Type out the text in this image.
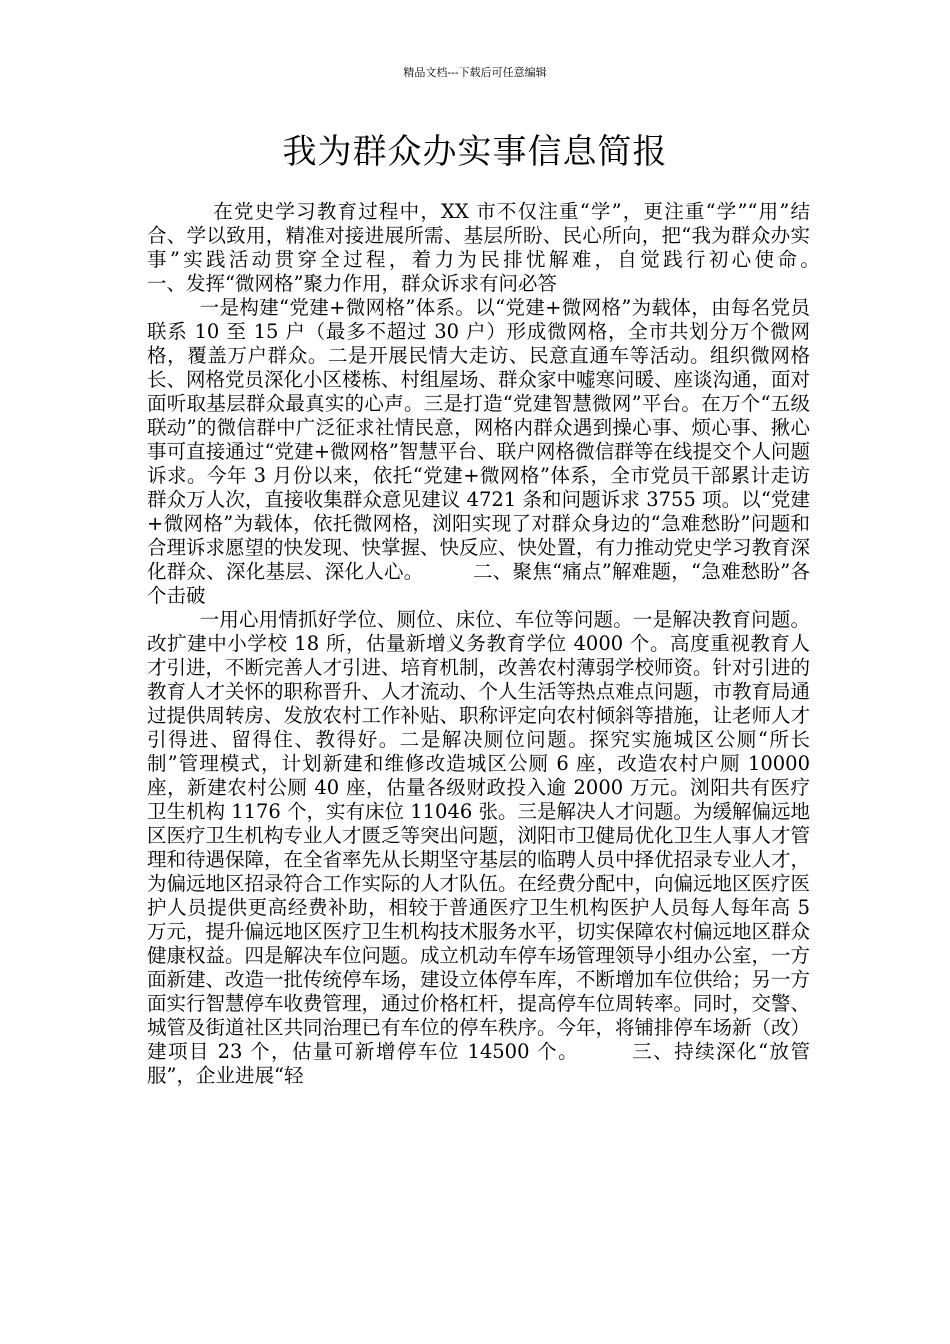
精品文档---下载后可任意编辑
我为群众办实事信息简报

在党史学习教育过程中，XX 市不仅注重“学”，更注重“学”“用”结合、学以致用，精准对接进展所需、基层所盼、民心所向，把“我为群众办实事”实践活动贯穿全过程，着力为民排忧解难，自觉践行初心使命。　　　一、发挥“微网格”聚力作用，群众诉求有问必答

一是构建“党建+微网格”体系。以“党建+微网格”为载体，由每名党员联系 10 至 15 户（最多不超过 30 户）形成微网格，全市共划分万个微网格，覆盖万户群众。二是开展民情大走访、民意直通车等活动。组织微网格长、网格党员深化小区楼栋、村组屋场、群众家中嘘寒问暖、座谈沟通，面对面听取基层群众最真实的心声。三是打造“党建智慧微网”平台。在万个“五级联动”的微信群中广泛征求社情民意，网格内群众遇到操心事、烦心事、揪心事可直接通过“党建+微网格”智慧平台、联户网格微信群等在线提交个人问题诉求。今年 3 月份以来，依托“党建+微网格”体系，全市党员干部累计走访群众万人次，直接收集群众意见建议 4721 条和问题诉求 3755 项。以“党建+微网格”为载体，依托微网格，浏阳实现了对群众身边的“急难愁盼”问题和合理诉求愿望的快发现、快掌握、快反应、快处置，有力推动党史学习教育深化群众、深化基层、深化人心。　　　二、聚焦“痛点”解难题，“急难愁盼”各个击破

一用心用情抓好学位、厕位、床位、车位等问题。一是解决教育问题。改扩建中小学校 18 所，估量新增义务教育学位 4000 个。高度重视教育人才引进，不断完善人才引进、培育机制，改善农村薄弱学校师资。针对引进的教育人才关怀的职称晋升、人才流动、个人生活等热点难点问题，市教育局通过提供周转房、发放农村工作补贴、职称评定向农村倾斜等措施，让老师人才引得进、留得住、教得好。二是解决厕位问题。探究实施城区公厕“所长制”管理模式，计划新建和维修改造城区公厕 6 座，改造农村户厕 10000 座，新建农村公厕 40 座，估量各级财政投入逾 2000 万元。浏阳共有医疗卫生机构 1176 个，实有床位 11046 张。三是解决人才问题。为缓解偏远地区医疗卫生机构专业人才匮乏等突出问题，浏阳市卫健局优化卫生人事人才管理和待遇保障，在全省率先从长期坚守基层的临聘人员中择优招录专业人才，为偏远地区招录符合工作实际的人才队伍。在经费分配中，向偏远地区医疗医护人员提供更高经费补助，相较于普通医疗卫生机构医护人员每人每年高 5 万元，提升偏远地区医疗卫生机构技术服务水平，切实保障农村偏远地区群众健康权益。四是解决车位问题。成立机动车停车场管理领导小组办公室，一方面新建、改造一批传统停车场，建设立体停车库，不断增加车位供给；另一方面实行智慧停车收费管理，通过价格杠杆，提高停车位周转率。同时，交警、城管及街道社区共同治理已有车位的停车秩序。今年，将铺排停车场新（改）建项目 23 个，估量可新增停车位 14500 个。　　　三、持续深化“放管服”，企业进展“轻
